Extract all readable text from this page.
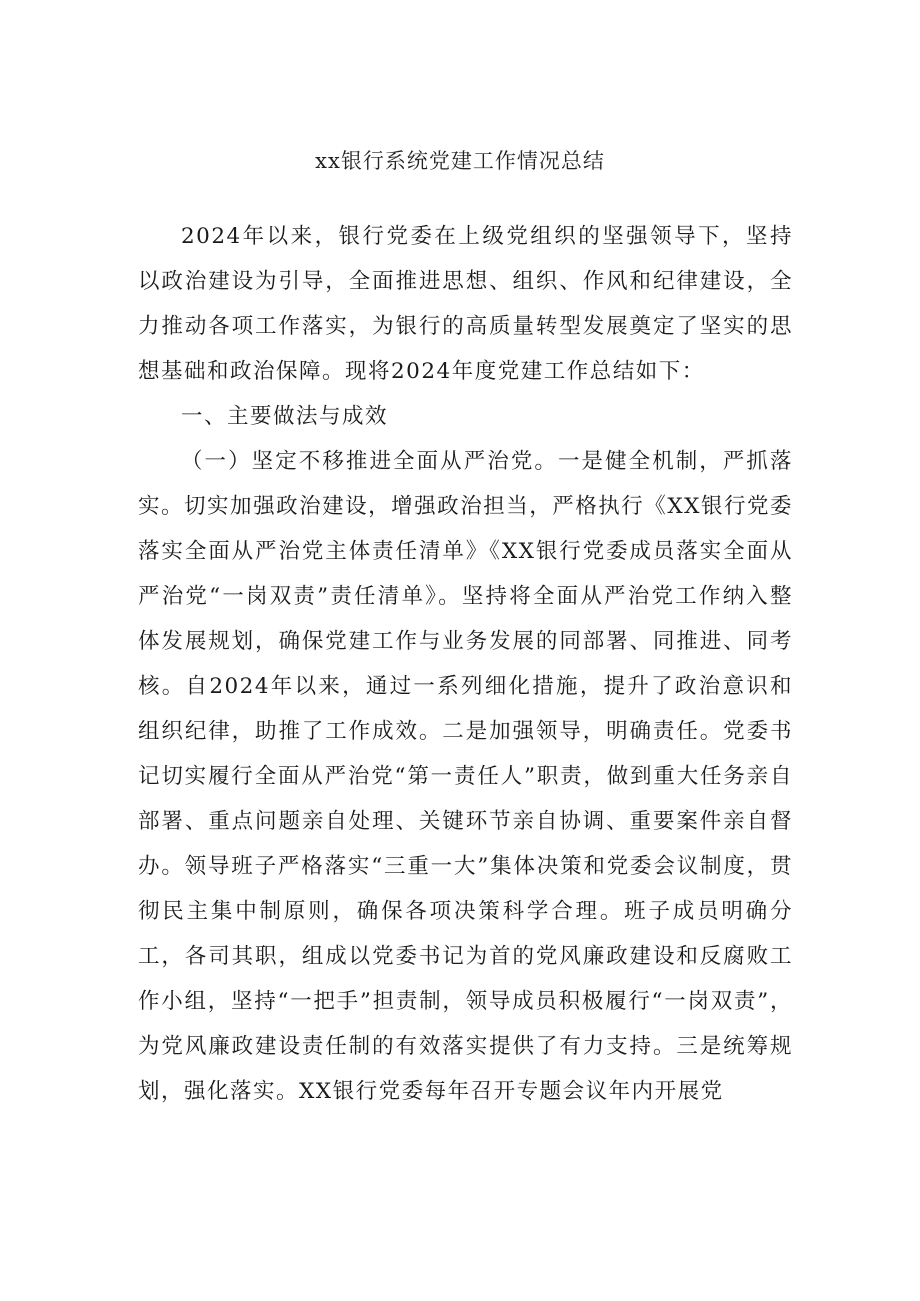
xx银行系统党建工作情况总结

2024年以来，银行党委在上级党组织的坚强领导下，坚持以政治建设为引导，全面推进思想、组织、作风和纪律建设，全力推动各项工作落实，为银行的高质量转型发展奠定了坚实的思想基础和政治保障。现将2024年度党建工作总结如下：

一、主要做法与成效

（一）坚定不移推进全面从严治党。一是健全机制，严抓落实。切实加强政治建设，增强政治担当，严格执行《XX银行党委落实全面从严治党主体责任清单》《XX银行党委成员落实全面从严治党“一岗双责”责任清单》。坚持将全面从严治党工作纳入整体发展规划，确保党建工作与业务发展的同部署、同推进、同考核。自2024年以来，通过一系列细化措施，提升了政治意识和组织纪律，助推了工作成效。二是加强领导，明确责任。党委书记切实履行全面从严治党“第一责任人”职责，做到重大任务亲自部署、重点问题亲自处理、关键环节亲自协调、重要案件亲自督办。领导班子严格落实“三重一大”集体决策和党委会议制度，贯彻民主集中制原则，确保各项决策科学合理。班子成员明确分工，各司其职，组成以党委书记为首的党风廉政建设和反腐败工作小组，坚持“一把手”担责制，领导成员积极履行“一岗双责”，为党风廉政建设责任制的有效落实提供了有力支持。三是统筹规划，强化落实。XX银行党委每年召开专题会议年内开展党
